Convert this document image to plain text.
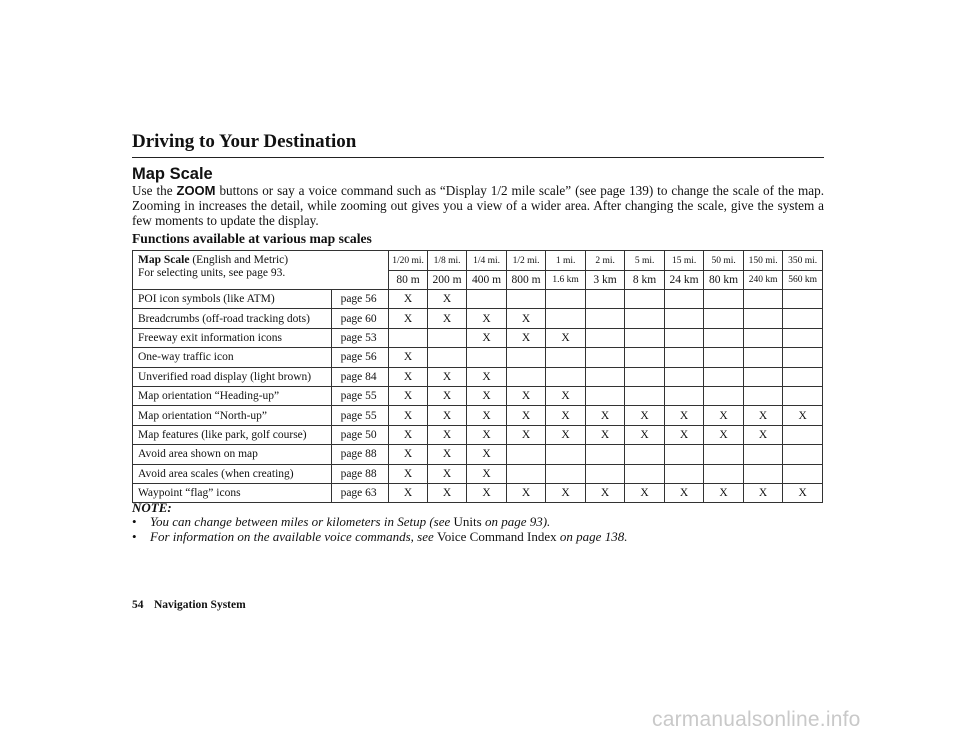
Driving to Your Destination
Map Scale

Use the ZOOM buttons or say a voice command such as “Display 1/2 mile scale” (see page 139) to change the scale of the map. Zooming in increases the detail, while zooming out gives you a view of a wider area. After changing the scale, give the system a few moments to update the display.

Functions available at various map scales
Map Scale (English and Metric)
For selecting units, see page 93.		1/20 mi.	1/8 mi.	1/4 mi.	1/2 mi.	1 mi.	2 mi.	5 mi.	15 mi.	50 mi.	150 mi.	350 mi.
		80 m	200 m	400 m	800 m	1.6 km	3 km	8 km	24 km	80 km	240 km	560 km
POI icon symbols (like ATM)	page 56	X	X									
Breadcrumbs (off-road tracking dots)	page 60	X	X	X	X							
Freeway exit information icons	page 53			X	X	X						
One-way traffic icon	page 56	X										
Unverified road display (light brown)	page 84	X	X	X								
Map orientation “Heading-up”	page 55	X	X	X	X	X						
Map orientation “North-up”	page 55	X	X	X	X	X	X	X	X	X	X	X
Map features (like park, golf course)	page 50	X	X	X	X	X	X	X	X	X	X	
Avoid area shown on map	page 88	X	X	X								
Avoid area scales (when creating)	page 88	X	X	X								
Waypoint “flag” icons	page 63	X	X	X	X	X	X	X	X	X	X	X

NOTE:

• You can change between miles or kilometers in Setup (see Units on page 93).
• For information on the available voice commands, see Voice Command Index on page 138.

54 Navigation System

carmanualsonline.info
